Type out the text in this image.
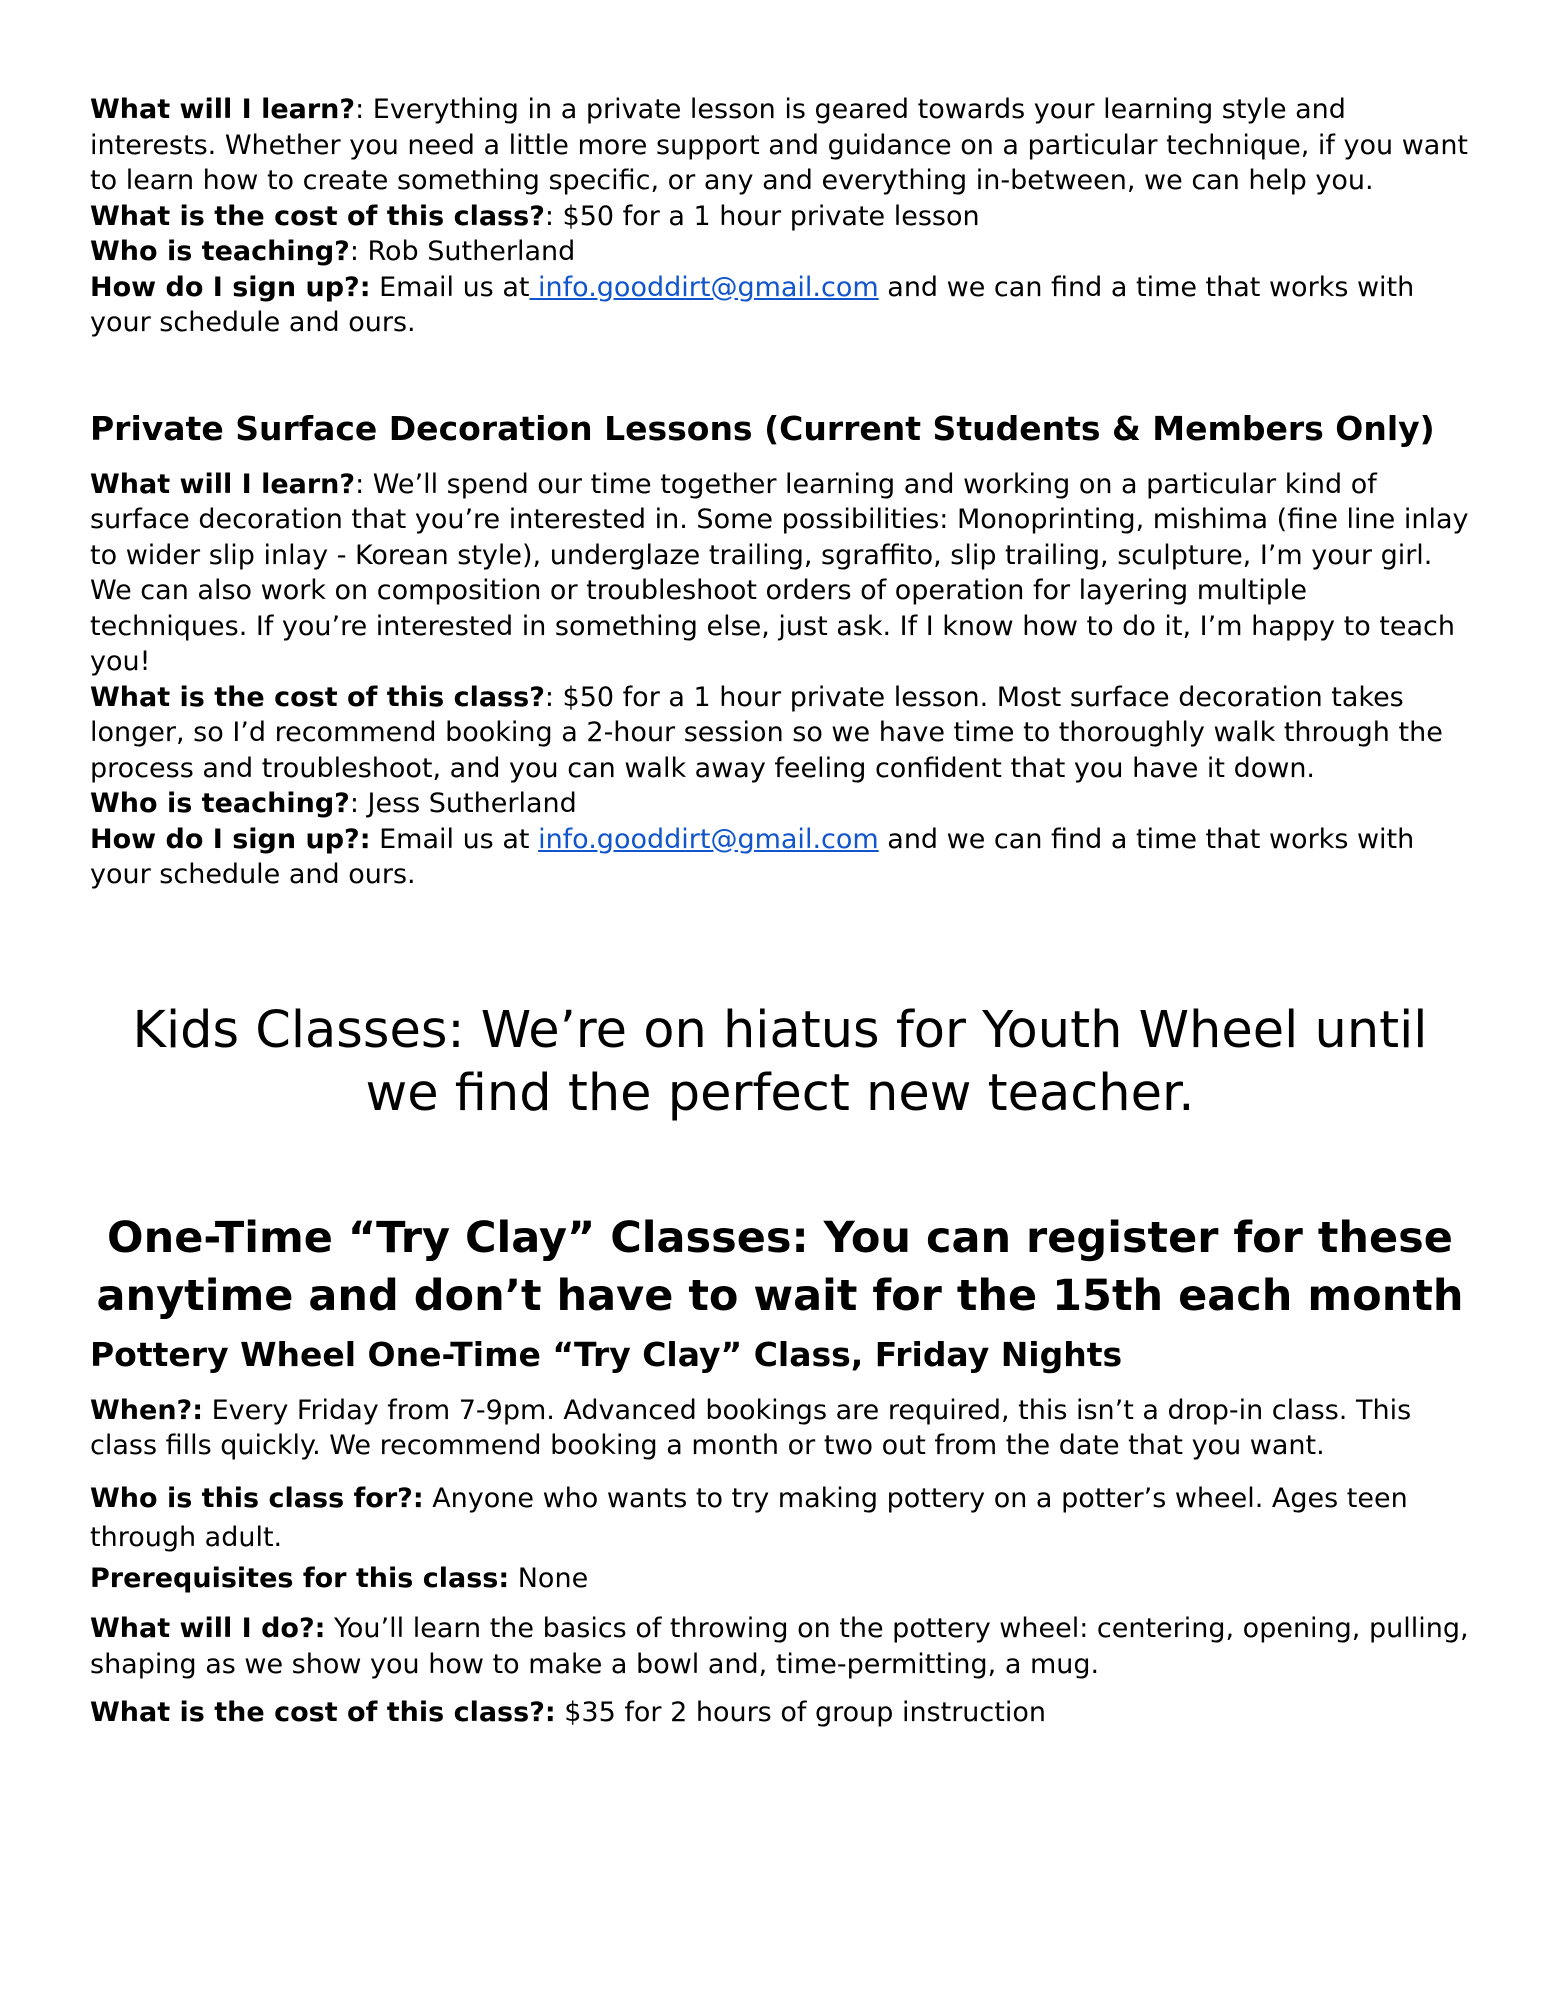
What will I learn?: Everything in a private lesson is geared towards your learning style and interests. Whether you need a little more support and guidance on a particular technique, if you want to learn how to create something specific, or any and everything in-between, we can help you.

What is the cost of this class?: $50 for a 1 hour private lesson

Who is teaching?: Rob Sutherland

How do I sign up?: Email us at info.gooddirt@gmail.com and we can find a time that works with your schedule and ours.

Private Surface Decoration Lessons (Current Students & Members Only)

What will I learn?: We’ll spend our time together learning and working on a particular kind of surface decoration that you’re interested in. Some possibilities: Monoprinting, mishima (fine line inlay to wider slip inlay - Korean style), underglaze trailing, sgraffito, slip trailing, sculpture, I’m your girl. We can also work on composition or troubleshoot orders of operation for layering multiple techniques. If you’re interested in something else, just ask. If I know how to do it, I’m happy to teach you!

What is the cost of this class?: $50 for a 1 hour private lesson. Most surface decoration takes longer, so I’d recommend booking a 2-hour session so we have time to thoroughly walk through the process and troubleshoot, and you can walk away feeling confident that you have it down.

Who is teaching?: Jess Sutherland

How do I sign up?: Email us at info.gooddirt@gmail.com and we can find a time that works with your schedule and ours.

Kids Classes: We’re on hiatus for Youth Wheel until we find the perfect new teacher.
One-Time “Try Clay” Classes: You can register for these anytime and don’t have to wait for the 15th each month
Pottery Wheel One-Time “Try Clay” Class, Friday Nights

When?: Every Friday from 7-9pm. Advanced bookings are required, this isn’t a drop-in class. This class fills quickly. We recommend booking a month or two out from the date that you want.

Who is this class for?: Anyone who wants to try making pottery on a potter’s wheel. Ages teen through adult.

Prerequisites for this class: None

What will I do?: You’ll learn the basics of throwing on the pottery wheel: centering, opening, pulling, shaping as we show you how to make a bowl and, time-permitting, a mug.

What is the cost of this class?: $35 for 2 hours of group instruction
